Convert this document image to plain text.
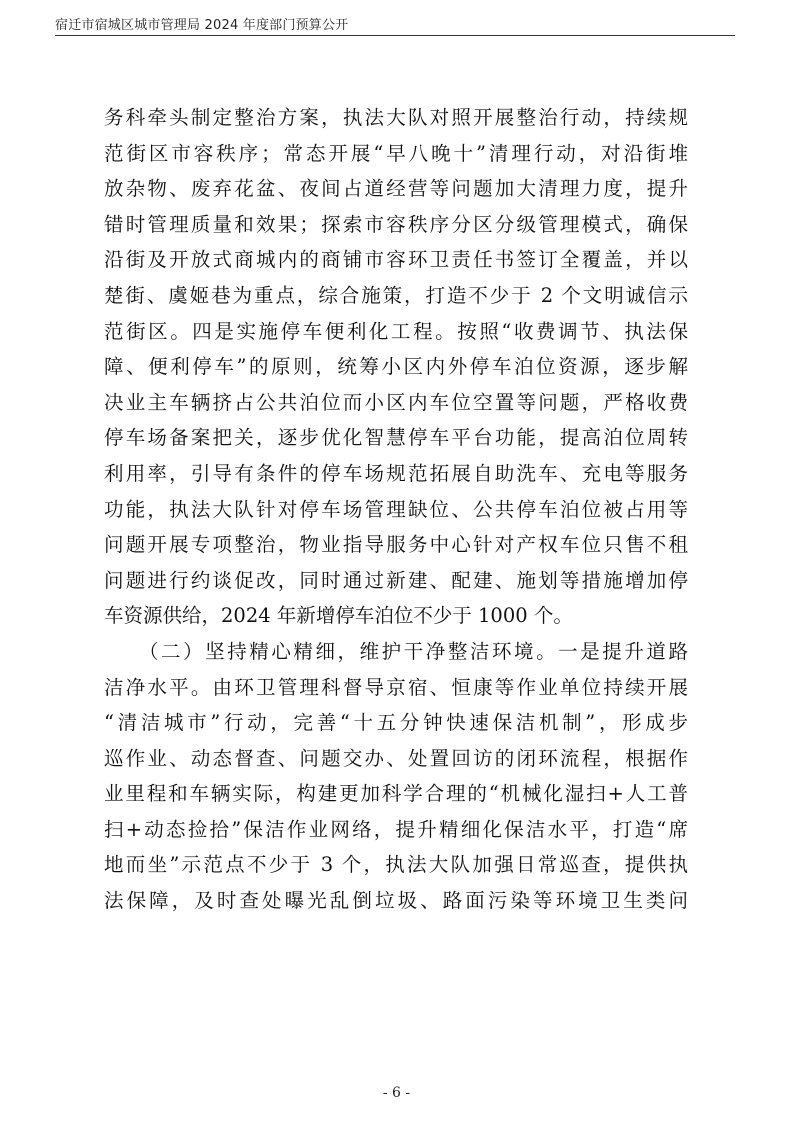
宿迁市宿城区城市管理局 2024 年度部门预算公开
务科牵头制定整治方案，执法大队对照开展整治行动，持续规
范街区市容秩序；常态开展“早八晚十”清理行动，对沿街堆
放杂物、废弃花盆、夜间占道经营等问题加大清理力度，提升
错时管理质量和效果；探索市容秩序分区分级管理模式，确保
沿街及开放式商城内的商铺市容环卫责任书签订全覆盖，并以
楚街、虞姬巷为重点，综合施策，打造不少于 2 个文明诚信示
范街区。四是实施停车便利化工程。按照“收费调节、执法保
障、便利停车”的原则，统筹小区内外停车泊位资源，逐步解
决业主车辆挤占公共泊位而小区内车位空置等问题，严格收费
停车场备案把关，逐步优化智慧停车平台功能，提高泊位周转
利用率，引导有条件的停车场规范拓展自助洗车、充电等服务
功能，执法大队针对停车场管理缺位、公共停车泊位被占用等
问题开展专项整治，物业指导服务中心针对产权车位只售不租
问题进行约谈促改，同时通过新建、配建、施划等措施增加停
车资源供给，2024 年新增停车泊位不少于 1000 个。
（二）坚持精心精细，维护干净整洁环境。一是提升道路
洁净水平。由环卫管理科督导京宿、恒康等作业单位持续开展
“清洁城市”行动，完善“十五分钟快速保洁机制”，形成步
巡作业、动态督查、问题交办、处置回访的闭环流程，根据作
业里程和车辆实际，构建更加科学合理的“机械化湿扫+人工普
扫+动态捡拾”保洁作业网络，提升精细化保洁水平，打造“席
地而坐”示范点不少于 3 个，执法大队加强日常巡查，提供执
法保障，及时查处曝光乱倒垃圾、路面污染等环境卫生类问
- 6 -
